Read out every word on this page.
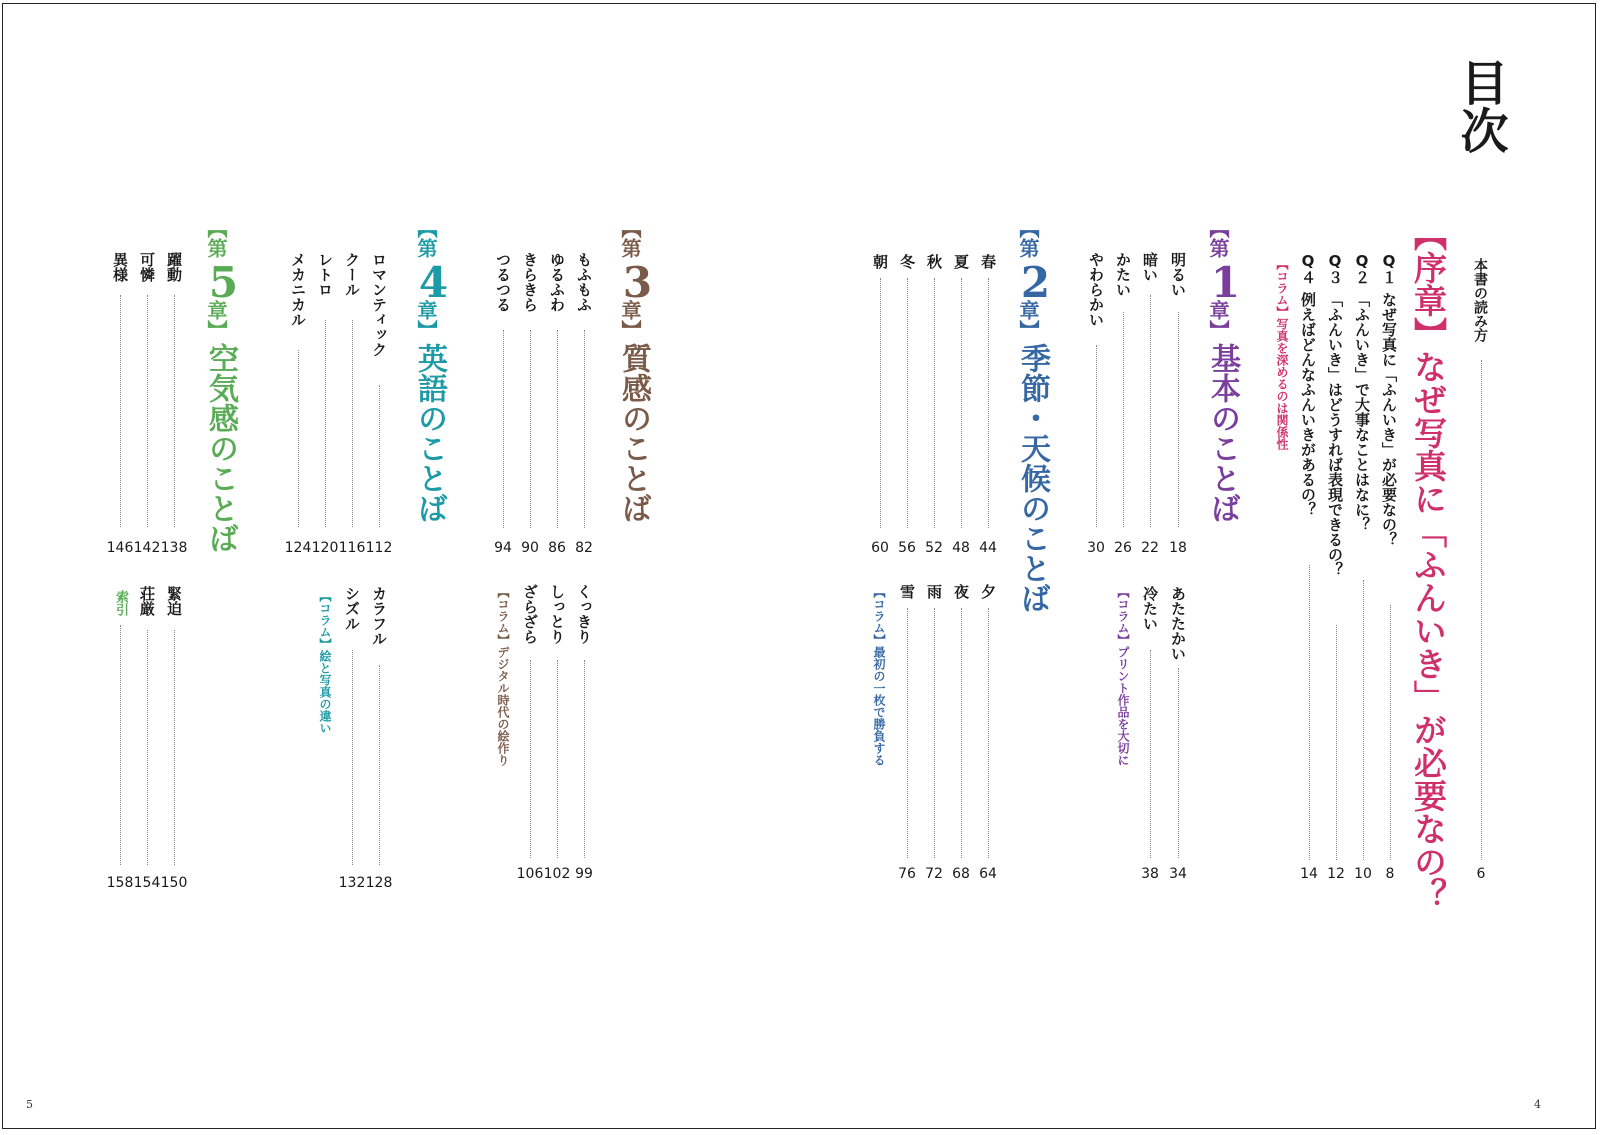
目次
本書の読み方
6
【序章】なぜ写真に「ふんいき」が必要なの？
Q１
なぜ写真に「ふんいき」が必要なの？
8
Q２
「ふんいき」で大事なことはなに？
10
Q３
「ふんいき」はどうすれば表現できるの？
12
Q４
例えばどんなふんいきがあるの？
14
【コラム】写真を深めるのは関係性
【第
1
章】
基本のことば
明るい
18
暗い
22
かたい
26
やわらかい
30
あたたかい
34
冷たい
38
【コラム】プリント作品を大切に
【第
2
章】
季節・天候のことば
春
44
夏
48
秋
52
冬
56
朝
60
夕
64
夜
68
雨
72
雪
76
【コラム】最初の一枚で勝負する
【第
3
章】
質感のことば
もふもふ
82
ゆるふわ
86
きらきら
90
つるつる
94
くっきり
99
しっとり
102
ざらざら
106
【コラム】デジタル時代の絵作り
【第
4
章】
英語のことば
ロマンティック
112
クール
116
レトロ
120
メカニカル
124
カラフル
128
シズル
132
【コラム】絵と写真の違い
【第
5
章】
空気感のことば
躍動
138
可憐
142
異様
146
緊迫
150
荘厳
154
索引
158
5	4
